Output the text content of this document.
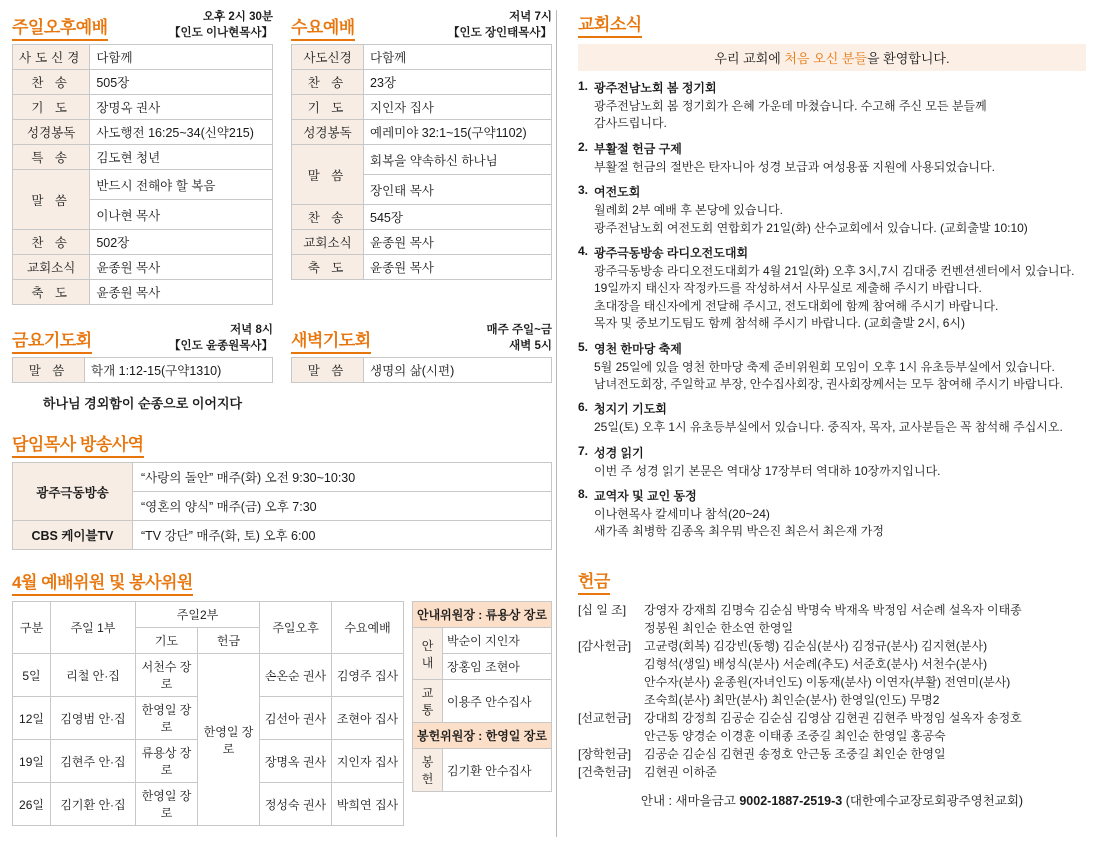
주일오후예배
오후 2시 30분
【인도 이나현목사】
사도신경	다함께
찬 송	505장
기 도	장명옥 권사
성경봉독	사도행전 16:25~34(신약215)
특 송	김도현 청년
말 씀	반드시 전해야 할 복음
	이나현 목사
찬 송	502장
교회소식	윤종원 목사
축 도	윤종원 목사
수요예배
저녁 7시
【인도 장인태목사】
사도신경	다함께
찬 송	23장
기 도	지인자 집사
성경봉독	예레미야 32:1~15(구약1102)
말 씀	회복을 약속하신 하나님
	장인태 목사
찬 송	545장
교회소식	윤종원 목사
축 도	윤종원 목사
금요기도회
저녁 8시
【인도 윤종원목사】
말 씀	학개 1:12-15(구약1310)
하나님 경외함이 순종으로 이어지다
새벽기도회
매주 주일~금
새벽 5시
말 씀	생명의 삶(시편)
담임목사 방송사역
광주극동방송	“사랑의 돌안” 매주(화) 오전 9:30~10:30
	“영혼의 양식” 매주(금) 오후 7:30
CBS 케이블TV	“TV 강단” 매주(화, 토) 오후 6:00
4월 예배위원 및 봉사위원
구분	주일 1부	주일2부		주일오후	수요예배
		기도	헌금		
5일	리철 안·집	서천수 장로	한영일 장로	손온순 권사	김영주 집사
12일	김영범 안·집	한영일 장로		김선아 권사	조현아 집사
19일	김현주 안·집	류용상 장로		장명옥 권사	지인자 집사
26일	김기환 안·집	한영일 장로		정성숙 권사	박희연 집사
안내위원장 : 류용상 장로	
안내	박순이 지인자
	장홍임 조현아
교통	이용주 안수집사
봉헌위원장 : 한영일 장로	
봉헌	김기환 안수집사
교회소식
우리 교회에 처음 오신 분들을 환영합니다.
1. 광주전남노회 봄 정기회
광주전남노회 봄 정기회가 은혜 가운데 마쳤습니다. 수고해 주신 모든 분들께
감사드립니다.
2. 부활절 헌금 구제
부활절 헌금의 절반은 탄자니아 성경 보급과 여성용품 지원에 사용되었습니다.
3. 여전도회
월례회 2부 예배 후 본당에 있습니다.
광주전남노회 여전도회 연합회가 21일(화) 산수교회에서 있습니다. (교회출발 10:10)
4. 광주극동방송 라디오전도대회
광주극동방송 라디오전도대회가 4월 21일(화) 오후 3시,7시 김대중 컨벤션센터에서 있습니다.
19일까지 태신자 작정카드를 작성하셔서 사무실로 제출해 주시기 바랍니다.
초대장을 태신자에게 전달해 주시고, 전도대회에 함께 참여해 주시기 바랍니다.
목자 및 중보기도팀도 함께 참석해 주시기 바랍니다. (교회출발 2시, 6시)
5. 영천 한마당 축제
5월 25일에 있을 영천 한마당 축제 준비위원회 모임이 오후 1시 유초등부실에서 있습니다.
남녀전도회장, 주일학교 부장, 안수집사회장, 권사회장께서는 모두 참여해 주시기 바랍니다.
6. 청지기 기도회
25일(토) 오후 1시 유초등부실에서 있습니다. 중직자, 목자, 교사분들은 꼭 참석해 주십시오.
7. 성경 읽기
이번 주 성경 읽기 본문은 역대상 17장부터 역대하 10장까지입니다.
8. 교역자 및 교인 동정
이나현목사 칼세미나 참석(20~24)
새가족 최병학 김종옥 최우뭐 박은진 최은서 최은재 가정
헌금
[십 일 조]	강영자 강재희 김명숙 김순심 박명숙 박재옥 박정임 서순례 설옥자 이태종
정봉원 최인순 한소연 한영일
[감사헌금]	고균령(회복) 김강빈(동행) 김순심(분사) 김정규(분사) 김지현(분사)
김형석(생일) 배성식(분사) 서순례(추도) 서준호(분사) 서천수(분사)
안수자(분사) 윤종원(자녀인도) 이동재(분사) 이연자(부활) 전연미(분사)
조숙희(분사) 최만(분사) 최인순(분사) 한영일(인도) 무명2
[선교헌금]	강대희 강정희 김공순 김순심 김영삼 김현권 김현주 박정임 설옥자 송정호
안근동 양경순 이경훈 이태종 조중길 최인순 한영일 홍공숙
[장학헌금]	김공순 김순심 김현권 송정호 안근동 조중길 최인순 한영일
[건축헌금]	김현권 이하준
안내 : 새마을금고 9002-1887-2519-3 (대한예수교장로회광주영천교회)
